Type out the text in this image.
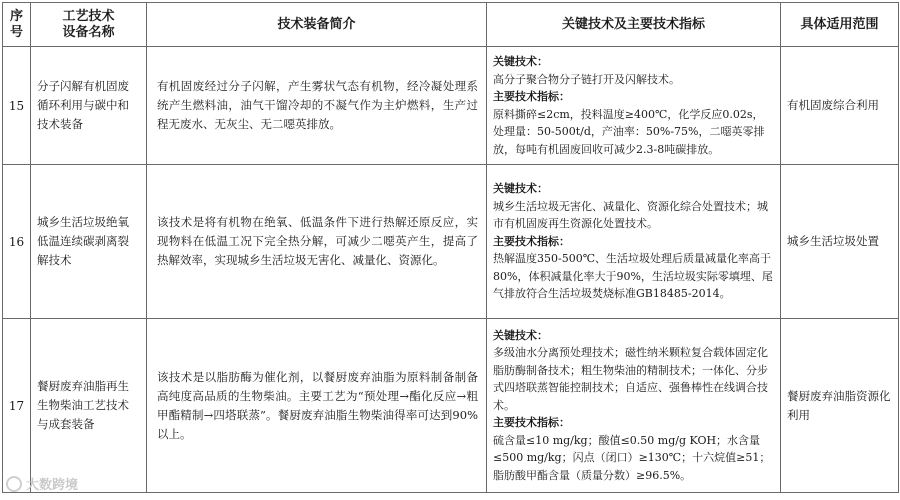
序
号	工艺技术
设备名称	技术装备简介	关键技术及主要技术指标	具体适用范围
15	分子闪解有机固废循环利用与碳中和技术装备	有机固废经过分子闪解，产生雾状气态有机物，经冷凝处理系统产生燃料油，油气干馏冷却的不凝气作为主炉燃料，生产过程无废水、无灰尘、无二噁英排放。	关键技术：
高分子聚合物分子链打开及闪解技术。
主要技术指标：
原料撕碎≤2cm，投料温度≥400℃，化学反应0.02s，处理量：50-500t/d，产油率：50%-75%，二噁英零排放，每吨有机固废回收可减少2.3-8吨碳排放。	有机固废综合利用
16	城乡生活垃圾绝氧低温连续碳剥离裂解技术	该技术是将有机物在绝氧、低温条件下进行热解还原反应，实现物料在低温工况下完全热分解，可减少二噁英产生，提高了热解效率，实现城乡生活垃圾无害化、减量化、资源化。	关键技术：
城乡生活垃圾无害化、减量化、资源化综合处置技术；城市有机固废再生资源化处置技术。
主要技术指标：
热解温度350-500℃、生活垃圾处理后质量减量化率高于80%，体积减量化率大于90%，生活垃圾实际零填埋、尾气排放符合生活垃圾焚烧标准GB18485-2014。	城乡生活垃圾处置
17	餐厨废弃油脂再生生物柴油工艺技术与成套装备	该技术是以脂肪酶为催化剂，以餐厨废弃油脂为原料制备制备高纯度高品质的生物柴油。主要工艺为“预处理→酯化反应→粗甲酯精制→四塔联蒸”。餐厨废弃油脂生物柴油得率可达到90%以上。	关键技术：
多级油水分离预处理技术；磁性纳米颗粒复合载体固定化脂肪酶制备技术；粗生物柴油的精制技术；一体化、分步式四塔联蒸智能控制技术；自适应、强鲁棒性在线调合技术。
主要技术指标：
硫含量≤10 mg/kg；酸值≤0.50 mg/g KOH；水含量≤500 mg/kg；闪点（闭口）≥130℃；十六烷值≥51；脂肪酸甲酯含量（质量分数）≥96.5%。	餐厨废弃油脂资源化利用
大数跨境
